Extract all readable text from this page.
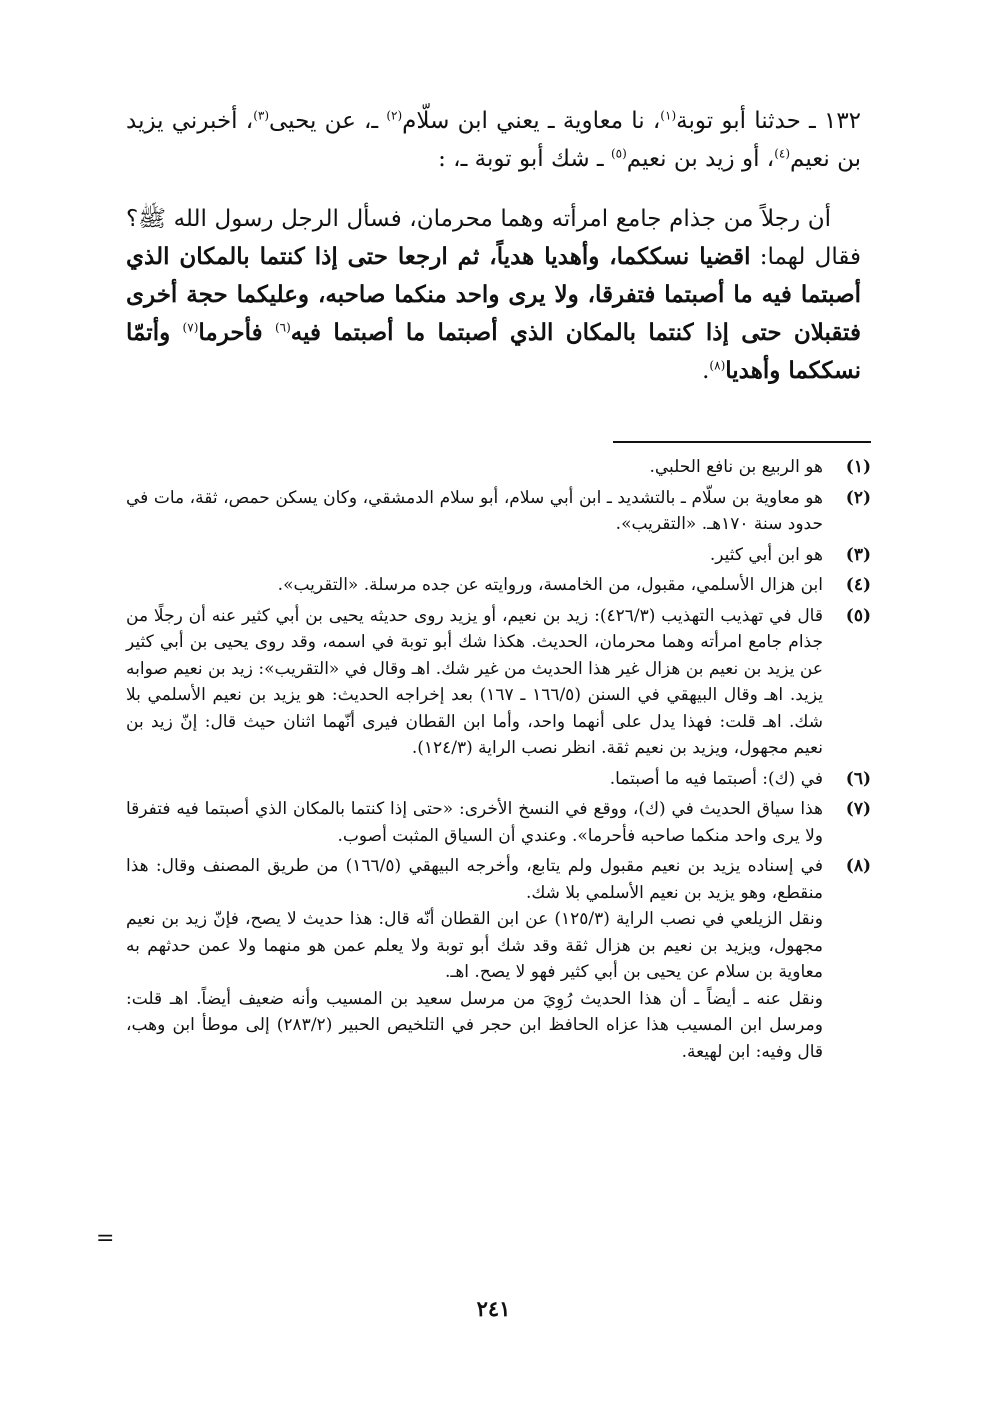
١٣٢ ـ حدثنا أبو توبة$^{(١)}$، نا معاوية ـ يعني ابن سلّام$^{(٢)}$ ـ، عن يحيى$^{(٣)}$، أخبرني يزيد بن نعيم$^{(٤)}$، أو زيد بن نعيم$^{(٥)}$ ـ شك أبو توبة ـ، :

أن رجلاً من جذام جامع امرأته وهما محرمان، فسأل الرجل رسول الله ﷺ؟ فقال لهما: اقضيا نسككما، وأهديا هدياً، ثم ارجعا حتى إذا كنتما بالمكان الذي أصبتما فيه ما أصبتما فتفرقا، ولا يرى واحد منكما صاحبه، وعليكما حجة أخرى فتقبلان حتى إذا كنتما بالمكان الذي أصبتما ما أصبتما فيه$^{(٦)}$ فأحرما$^{(٧)}$ وأتمّا نسككما وأهديا$^{(٨)}$.

(١)

هو الربيع بن نافع الحلبي.

(٢)

هو معاوية بن سلّام ـ بالتشديد ـ ابن أبي سلام، أبو سلام الدمشقي، وكان يسكن حمص، ثقة، مات في حدود سنة ١٧٠هـ. «التقريب».

(٣)

هو ابن أبي كثير.

(٤)

ابن هزال الأسلمي، مقبول، من الخامسة، وروايته عن جده مرسلة. «التقريب».

(٥)

قال في تهذيب التهذيب (٤٢٦/٣): زيد بن نعيم، أو يزيد روى حديثه يحيى بن أبي كثير عنه أن رجلًا من جذام جامع امرأته وهما محرمان، الحديث. هكذا شك أبو توبة في اسمه، وقد روى يحيى بن أبي كثير عن يزيد بن نعيم بن هزال غير هذا الحديث من غير شك. اهـ وقال في «التقريب»: زيد بن نعيم صوابه يزيد. اهـ وقال البيهقي في السنن (١٦٦/٥ ـ ١٦٧) بعد إخراجه الحديث: هو يزيد بن نعيم الأسلمي بلا شك. اهـ قلت: فهذا يدل على أنهما واحد، وأما ابن القطان فيرى أنّهما اثنان حيث قال: إنّ زيد بن نعيم مجهول، ويزيد بن نعيم ثقة. انظر نصب الراية (١٢٤/٣).

(٦)

في (ك): أصبتما فيه ما أصبتما.

(٧)

هذا سياق الحديث في (ك)، ووقع في النسخ الأخرى: «حتى إذا كنتما بالمكان الذي أصبتما فيه فتفرقا ولا يرى واحد منكما صاحبه فأحرما». وعندي أن السياق المثبت أصوب.

(٨)

في إسناده يزيد بن نعيم مقبول ولم يتابع، وأخرجه البيهقي (١٦٦/٥) من طريق المصنف وقال: هذا منقطع، وهو يزيد بن نعيم الأسلمي بلا شك.

ونقل الزيلعي في نصب الراية (١٢٥/٣) عن ابن القطان أنّه قال: هذا حديث لا يصح، فإنّ زيد بن نعيم مجهول، ويزيد بن نعيم بن هزال ثقة وقد شك أبو توبة ولا يعلم عمن هو منهما ولا عمن حدثهم به معاوية بن سلام عن يحيى بن أبي كثير فهو لا يصح. اهـ.

ونقل عنه ـ أيضاً ـ أن هذا الحديث رُوِيَ من مرسل سعيد بن المسيب وأنه ضعيف أيضاً. اهـ قلت: ومرسل ابن المسيب هذا عزاه الحافظ ابن حجر في التلخيص الحبير (٢٨٣/٢) إلى موطأ ابن وهب، قال وفيه: ابن لهيعة.

=
٢٤١
